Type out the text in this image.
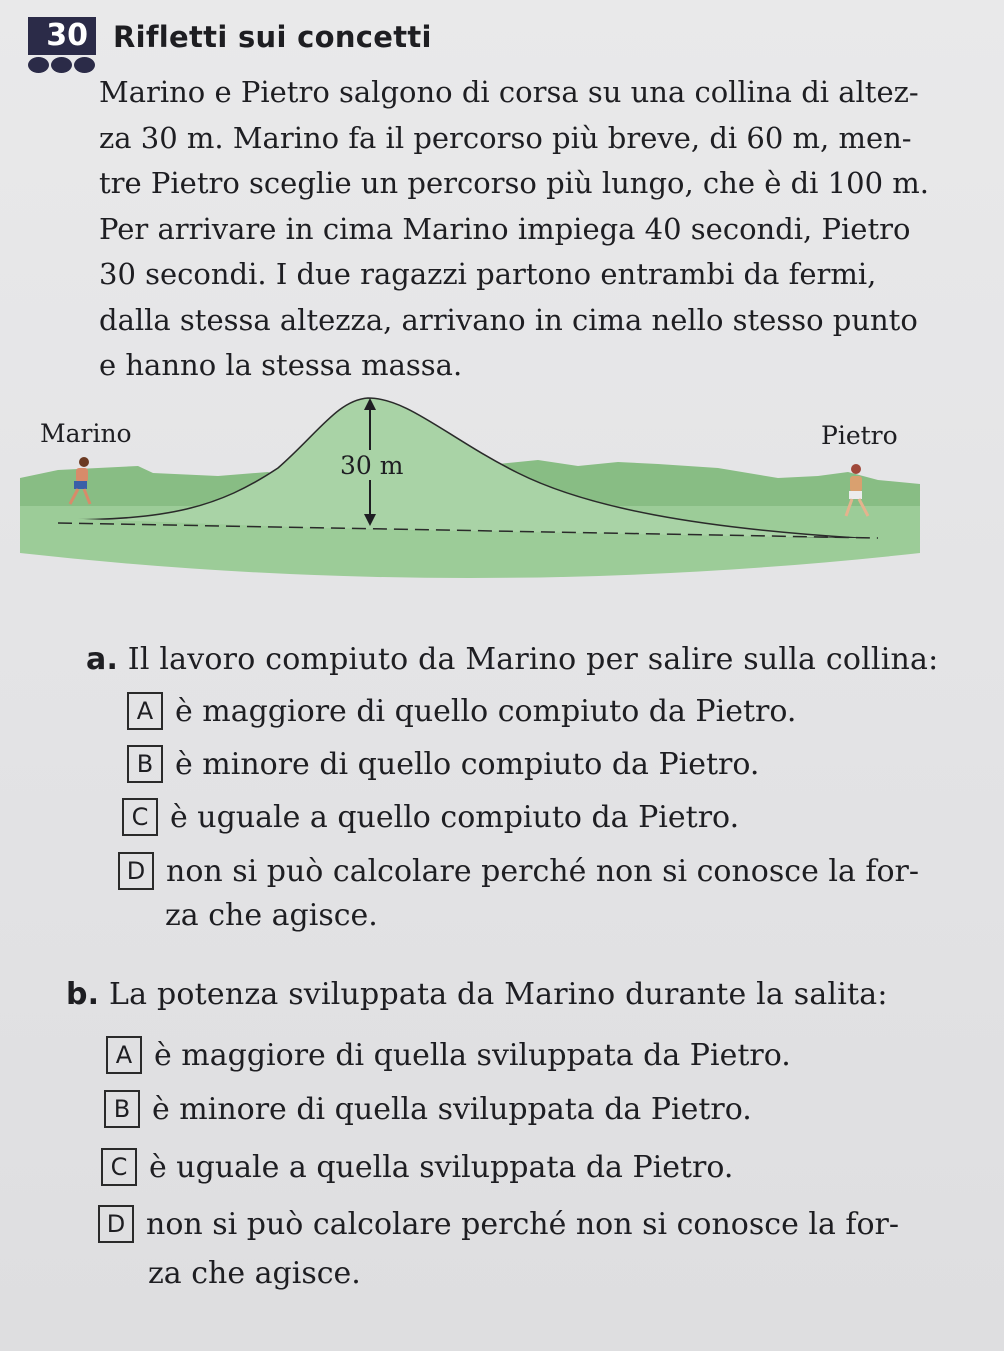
30 Rifletti sui concetti

Marino e Pietro salgono di corsa su una collina di altez-
za 30 m. Marino fa il percorso più breve, di 60 m, men-
tre Pietro sceglie un percorso più lungo, che è di 100 m.
Per arrivare in cima Marino impiega 40 secondi, Pietro
30 secondi. I due ragazzi partono entrambi da fermi,
dalla stessa altezza, arrivano in cima nello stesso punto
e hanno la stessa massa.

30 m
Marino	Pietro
a. Il lavoro compiuto da Marino per salire sulla collina:
A è maggiore di quello compiuto da Pietro.
B è minore di quello compiuto da Pietro.
C è uguale a quello compiuto da Pietro.
D non si può calcolare perché non si conosce la for-
za che agisce.
b. La potenza sviluppata da Marino durante la salita:
A è maggiore di quella sviluppata da Pietro.
B è minore di quella sviluppata da Pietro.
C è uguale a quella sviluppata da Pietro.
D non si può calcolare perché non si conosce la for-
za che agisce.
